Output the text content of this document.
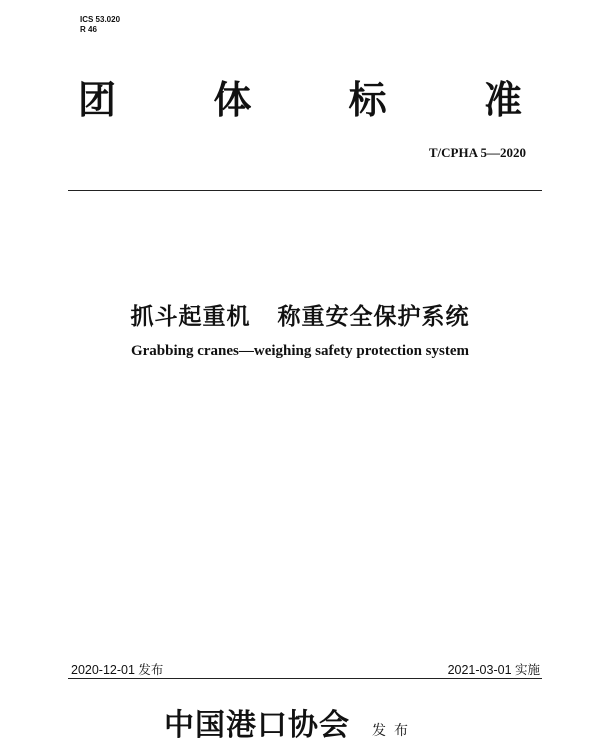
ICS 53.020
R 46
团	体	标	准
T/CPHA 5—2020
抓斗起重机   称重安全保护系统
Grabbing cranes—weighing safety protection system
2020-12-01 发布	2021-03-01 实施
中国港口协会 发布
